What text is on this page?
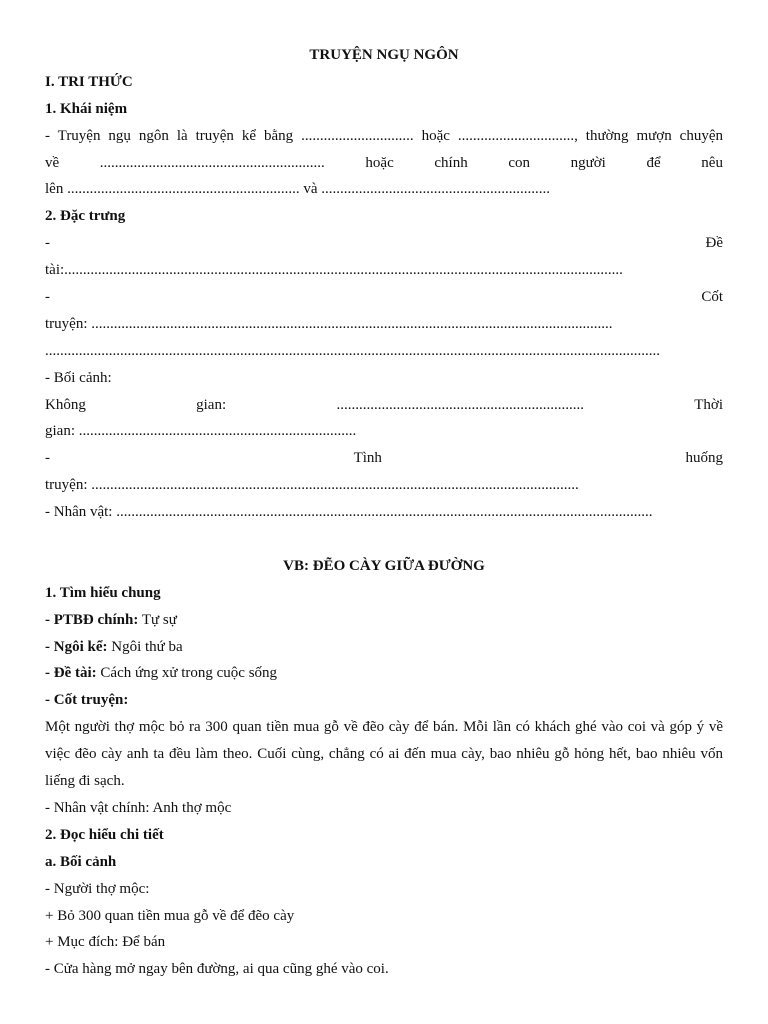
TRUYỆN NGỤ NGÔN
I. TRI THỨC
1. Khái niệm
- Truyện ngụ ngôn là truyện kể bằng .............................. hoặc ..............................., thường mượn chuyện
về	............................................................	hoặc	chính	con	người	để	nêu
lên .............................................................. và .............................................................
2. Đặc trưng
-	Đề
tài:.....................................................................................................................................................
-	Cốt
truyện: ...........................................................................................................................................
....................................................................................................................................................................
- Bối cảnh:
Không	gian:	..................................................................	Thời
gian: ..........................................................................
-	Tình	huống
truyện: ..................................................................................................................................
- Nhân vật: ...............................................................................................................................................
VB: ĐẼO CÀY GIỮA ĐƯỜNG
1. Tìm hiểu chung
- PTBĐ chính: Tự sự
- Ngôi kể: Ngôi thứ ba
- Đề tài: Cách ứng xử trong cuộc sống
- Cốt truyện:
Một người thợ mộc bỏ ra 300 quan tiền mua gỗ về đẽo cày để bán. Mỗi lần có khách ghé vào coi và góp ý về việc đẽo cày anh ta đều làm theo. Cuối cùng, chẳng có ai đến mua cày, bao nhiêu gỗ hỏng hết, bao nhiêu vốn liếng đi sạch.
- Nhân vật chính: Anh thợ mộc
2. Đọc hiểu chi tiết
a. Bối cảnh
- Người thợ mộc:
+ Bỏ 300 quan tiền mua gỗ về để đẽo cày
+ Mục đích: Để bán
- Cửa hàng mở ngay bên đường, ai qua cũng ghé vào coi.
